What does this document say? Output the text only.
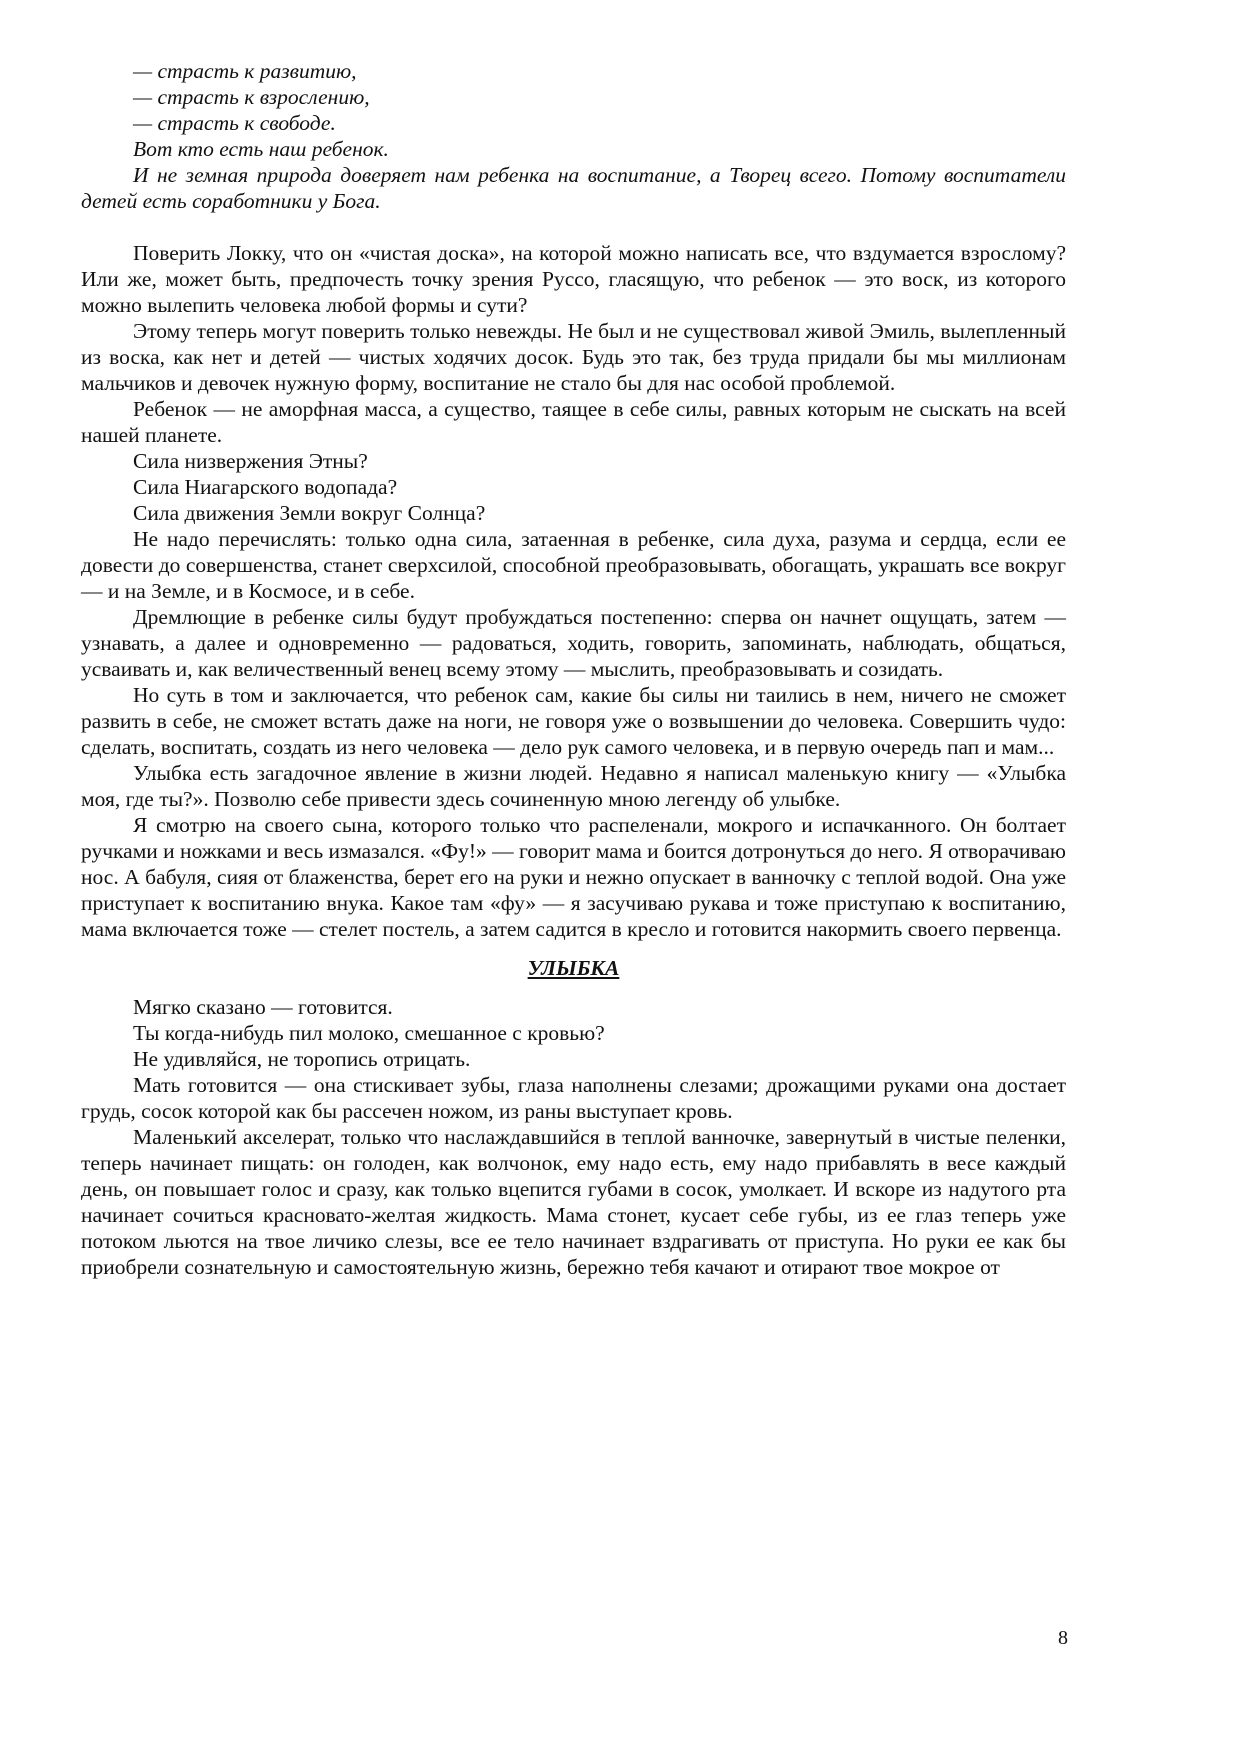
— страсть к развитию,

— страсть к взрослению,

— страсть к свободе.

Вот кто есть наш ребенок.

И не земная природа доверяет нам ребенка на воспитание, а Творец всего. Потому воспитатели детей есть соработники у Бога.

Поверить Локку, что он «чистая доска», на которой можно написать все, что вздумается взрослому? Или же, может быть, предпочесть точку зрения Руссо, гласящую, что ребенок — это воск, из которого можно вылепить человека любой формы и сути?

Этому теперь могут поверить только невежды. Не был и не существовал живой Эмиль, вылепленный из воска, как нет и детей — чистых ходячих досок. Будь это так, без труда придали бы мы миллионам мальчиков и девочек нужную форму, воспитание не стало бы для нас особой проблемой.

Ребенок — не аморфная масса, а существо, таящее в себе силы, равных которым не сыскать на всей нашей планете.

Сила низвержения Этны?

Сила Ниагарского водопада?

Сила движения Земли вокруг Солнца?

Не надо перечислять: только одна сила, затаенная в ребенке, сила духа, разума и сердца, если ее довести до совершенства, станет сверхсилой, способной преобразовывать, обогащать, украшать все вокруг — и на Земле, и в Космосе, и в себе.

Дремлющие в ребенке силы будут пробуждаться постепенно: сперва он начнет ощущать, затем — узнавать, а далее и одновременно — радоваться, ходить, говорить, запоминать, наблюдать, общаться, усваивать и, как величественный венец всему этому — мыслить, преобразовывать и созидать.

Но суть в том и заключается, что ребенок сам, какие бы силы ни таились в нем, ничего не сможет развить в себе, не сможет встать даже на ноги, не говоря уже о возвышении до человека. Совершить чудо: сделать, воспитать, создать из него человека — дело рук самого человека, и в первую очередь пап и мам...

Улыбка есть загадочное явление в жизни людей. Недавно я написал маленькую книгу — «Улыбка моя, где ты?». Позволю себе привести здесь сочиненную мною легенду об улыбке.

Я смотрю на своего сына, которого только что распеленали, мокрого и испачканного. Он болтает ручками и ножками и весь измазался. «Фу!» — говорит мама и боится дотронуться до него. Я отворачиваю нос. А бабуля, сияя от блаженства, берет его на руки и нежно опускает в ванночку с теплой водой. Она уже приступает к воспитанию внука. Какое там «фу» — я засучиваю рукава и тоже приступаю к воспитанию, мама включается тоже — стелет постель, а затем садится в кресло и готовится накормить своего первенца.

УЛЫБКА

Мягко сказано — готовится.

Ты когда-нибудь пил молоко, смешанное с кровью?

Не удивляйся, не торопись отрицать.

Мать готовится — она стискивает зубы, глаза наполнены слезами; дрожащими руками она достает грудь, сосок которой как бы рассечен ножом, из раны выступает кровь.

Маленький акселерат, только что наслаждавшийся в теплой ванночке, завернутый в чистые пеленки, теперь начинает пищать: он голоден, как волчонок, ему надо есть, ему надо прибавлять в весе каждый день, он повышает голос и сразу, как только вцепится губами в сосок, умолкает. И вскоре из надутого рта начинает сочиться красновато-желтая жидкость. Мама стонет, кусает себе губы, из ее глаз теперь уже потоком льются на твое личико слезы, все ее тело начинает вздрагивать от приступа. Но руки ее как бы приобрели сознательную и самостоятельную жизнь, бережно тебя качают и отирают твое мокрое от

8
